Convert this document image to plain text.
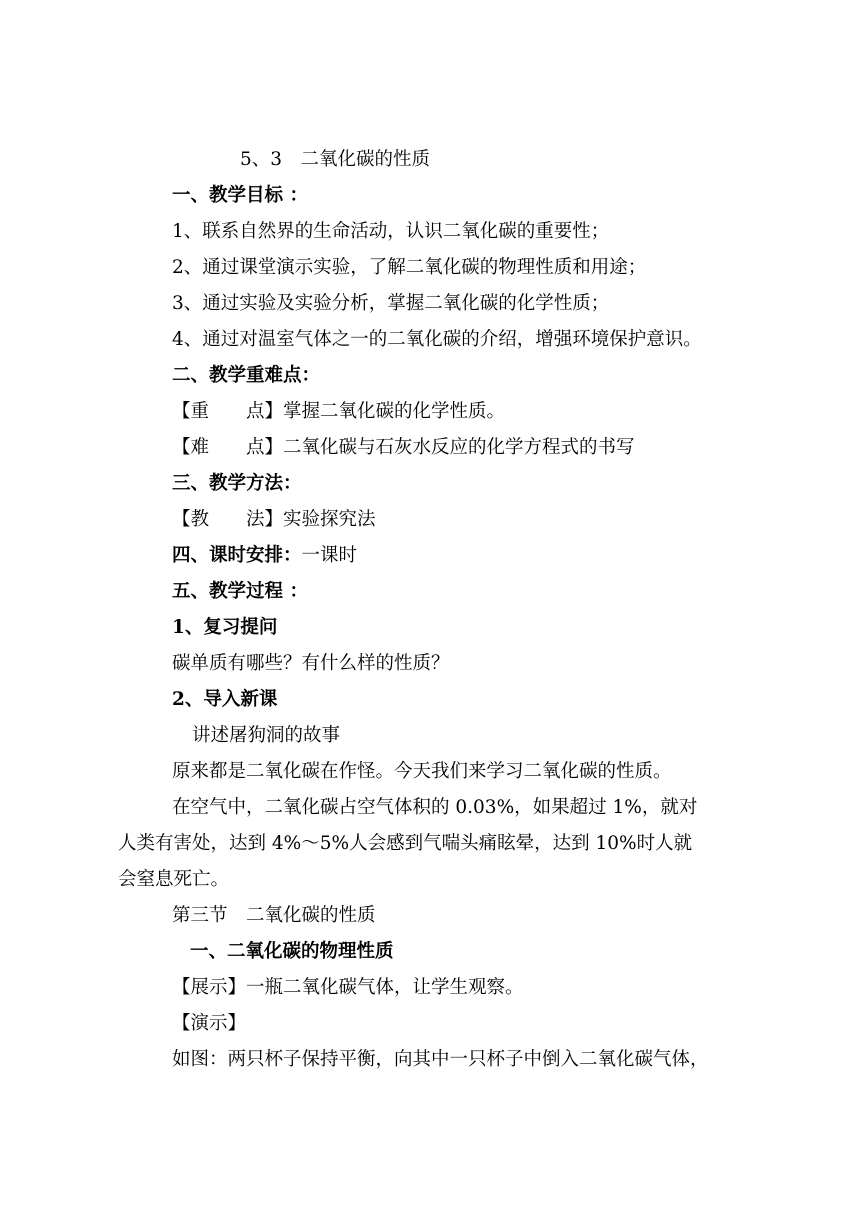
5、3　二氧化碳的性质
一、教学目标 ：
1、联系自然界的生命活动，认识二氧化碳的重要性；
2、通过课堂演示实验，了解二氧化碳的物理性质和用途；
3、通过实验及实验分析，掌握二氧化碳的化学性质；
4、通过对温室气体之一的二氧化碳的介绍，增强环境保护意识。
二、教学重难点：
【重　　点】掌握二氧化碳的化学性质。
【难　　点】二氧化碳与石灰水反应的化学方程式的书写
三、教学方法：
【教　　法】实验探究法
四、课时安排：一课时
五、教学过程 ：
1、复习提问
碳单质有哪些？有什么样的性质？
2、导入新课
讲述屠狗洞的故事
原来都是二氧化碳在作怪。今天我们来学习二氧化碳的性质。
在空气中，二氧化碳占空气体积的 0.03%，如果超过 1%，就对
人类有害处，达到 4%～5%人会感到气喘头痛眩晕，达到 10%时人就
会窒息死亡。
第三节　二氧化碳的性质
一、二氧化碳的物理性质
【展示】一瓶二氧化碳气体，让学生观察。
【演示】
如图：两只杯子保持平衡，向其中一只杯子中倒入二氧化碳气体，
